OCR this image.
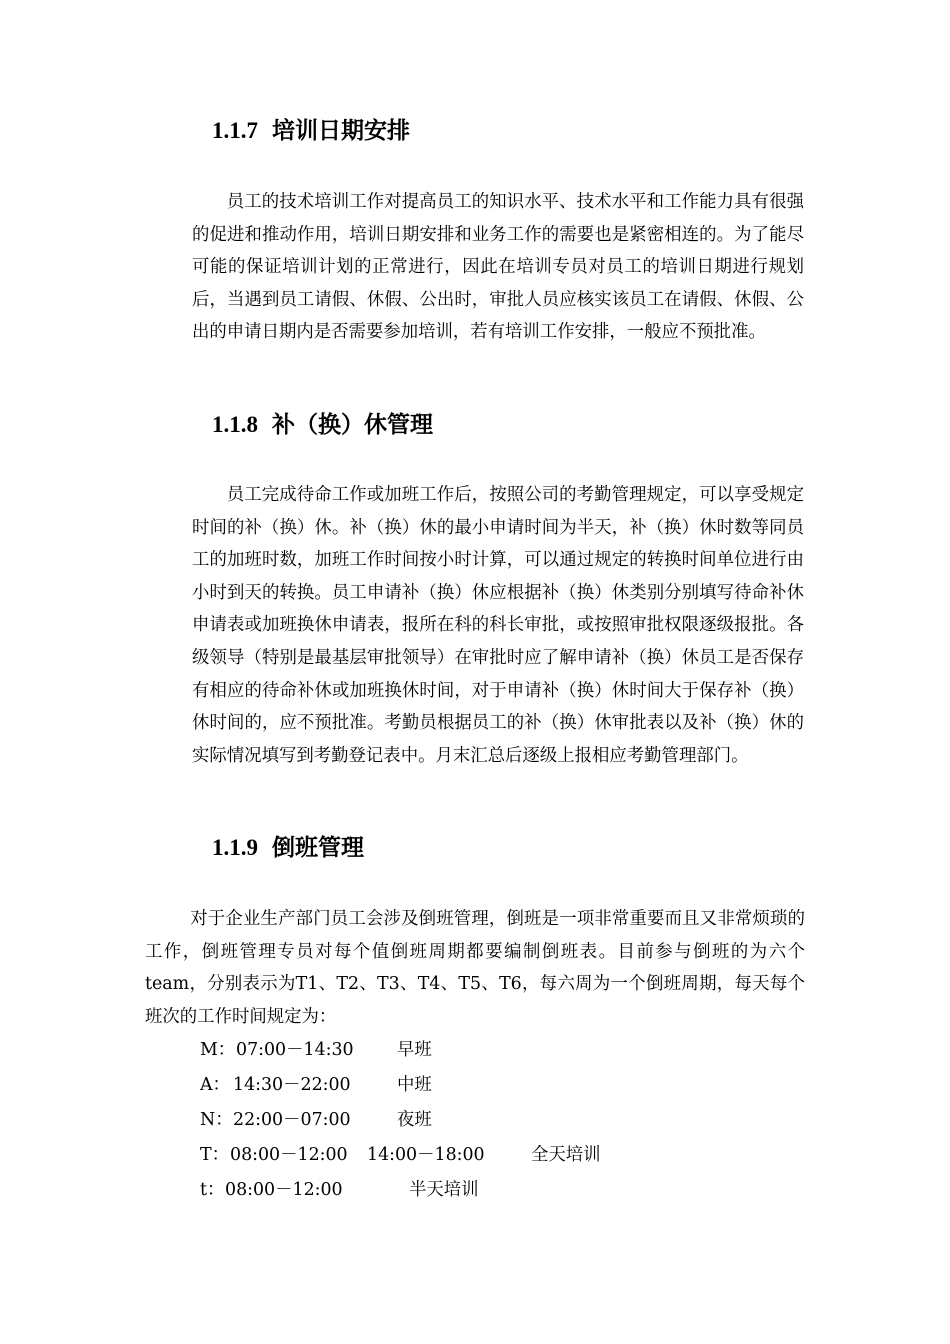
1.1.7 培训日期安排

员工的技术培训工作对提高员工的知识水平、技术水平和工作能力具有很强的促进和推动作用，培训日期安排和业务工作的需要也是紧密相连的。为了能尽可能的保证培训计划的正常进行，因此在培训专员对员工的培训日期进行规划后，当遇到员工请假、休假、公出时，审批人员应核实该员工在请假、休假、公出的申请日期内是否需要参加培训，若有培训工作安排，一般应不预批准。

1.1.8 补（换）休管理

员工完成待命工作或加班工作后，按照公司的考勤管理规定，可以享受规定时间的补（换）休。补（换）休的最小申请时间为半天，补（换）休时数等同员工的加班时数，加班工作时间按小时计算，可以通过规定的转换时间单位进行由小时到天的转换。员工申请补（换）休应根据补（换）休类别分别填写待命补休申请表或加班换休申请表，报所在科的科长审批，或按照审批权限逐级报批。各级领导（特别是最基层审批领导）在审批时应了解申请补（换）休员工是否保存有相应的待命补休或加班换休时间，对于申请补（换）休时间大于保存补（换）休时间的，应不预批准。考勤员根据员工的补（换）休审批表以及补（换）休的实际情况填写到考勤登记表中。月末汇总后逐级上报相应考勤管理部门。

1.1.9 倒班管理

对于企业生产部门员工会涉及倒班管理，倒班是一项非常重要而且又非常烦琐的工作，倒班管理专员对每个值倒班周期都要编制倒班表。目前参与倒班的为六个team，分别表示为T1、T2、T3、T4、T5、T6，每六周为一个倒班周期，每天每个班次的工作时间规定为：

M： 07:00－14:30 早班
A： 14:30－22:00	中班
N： 22:00－07:00	夜班
T： 08:00－12:00 14:00－18:00	全天培训
t： 08:00－12:00	半天培训
